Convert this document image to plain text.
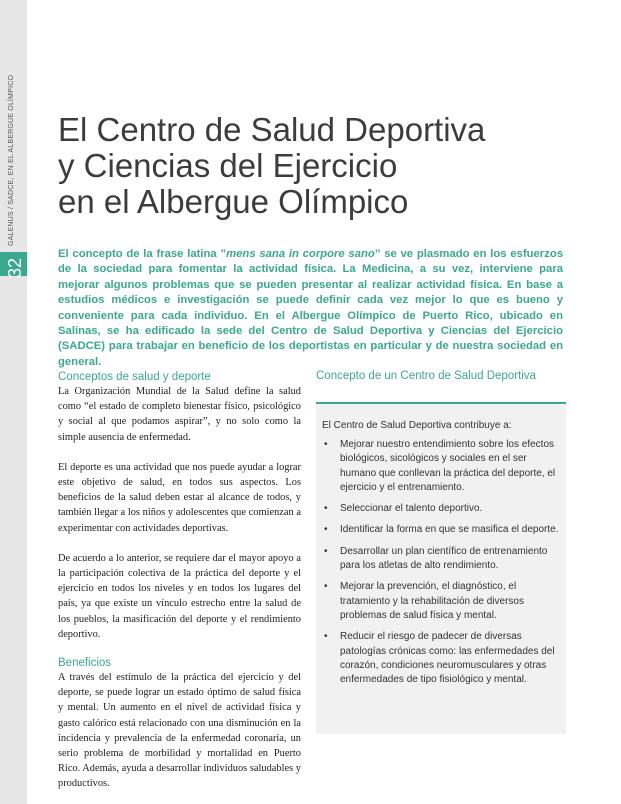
GALENUS / SADCE, EN EL ALBERGUE OLÍMPICO
32
El Centro de Salud Deportiva
y Ciencias del Ejercicio
en el Albergue Olímpico

El concepto de la frase latina ”mens sana in corpore sano” se ve plasmado en los esfuerzos de la sociedad para fomentar la actividad física. La Medicina, a su vez, interviene para mejorar algunos problemas que se pueden presentar al realizar actividad física. En base a estudios médicos e investigación se puede definir cada vez mejor lo que es bueno y conveniente para cada individuo. En el Albergue Olímpico de Puerto Rico, ubicado en Salinas, se ha edificado la sede del Centro de Salud Deportiva y Ciencias del Ejercicio (SADCE) para trabajar en beneficio de los deportistas en particular y de nuestra sociedad en general.

Conceptos de salud y deporte

La Organización Mundial de la Salud define la salud como “el estado de completo bienestar físico, psicológico y social al que podamos aspirar”, y no solo como la simple ausencia de enfermedad.

El deporte es una actividad que nos puede ayudar a lograr este objetivo de salud, en todos sus aspectos. Los beneficios de la salud deben estar al alcance de todos, y también llegar a los niños y adolescentes que comienzan a experimentar con actividades deportivas.

De acuerdo a lo anterior, se requiere dar el mayor apoyo a la participación colectiva de la práctica del deporte y el ejercicio en todos los niveles y en todos los lugares del país, ya que existe un vínculo estrecho entre la salud de los pueblos, la masificación del deporte y el rendimiento deportivo.

Beneficios

A través del estímulo de la práctica del ejercicio y del deporte, se puede lograr un estado óptimo de salud física y mental. Un aumento en el nivel de actividad física y gasto calórico está relacionado con una disminución en la incidencia y prevalencia de la enfermedad coronaria, un serio problema de morbilidad y mortalidad en Puerto Rico. Además, ayuda a desarrollar individuos saludables y productivos.

Concepto de un Centro de Salud Deportiva
El Centro de Salud Deportiva contribuye a:
• Mejorar nuestro entendimiento sobre los efectos biológicos, sicológicos y sociales en el ser humano que conllevan la práctica del deporte, el ejercicio y el entrenamiento.
• Seleccionar el talento deportivo.
• Identificar la forma en que se masifica el deporte.
• Desarrollar un plan científico de entrenamiento para los atletas de alto rendimiento.
• Mejorar la prevención, el diagnóstico, el tratamiento y la rehabilitación de diversos problemas de salud física y mental.
• Reducir el riesgo de padecer de diversas patologías crónicas como: las enfermedades del corazón, condiciones neuromusculares y otras enfermedades de tipo fisiológico y mental.
